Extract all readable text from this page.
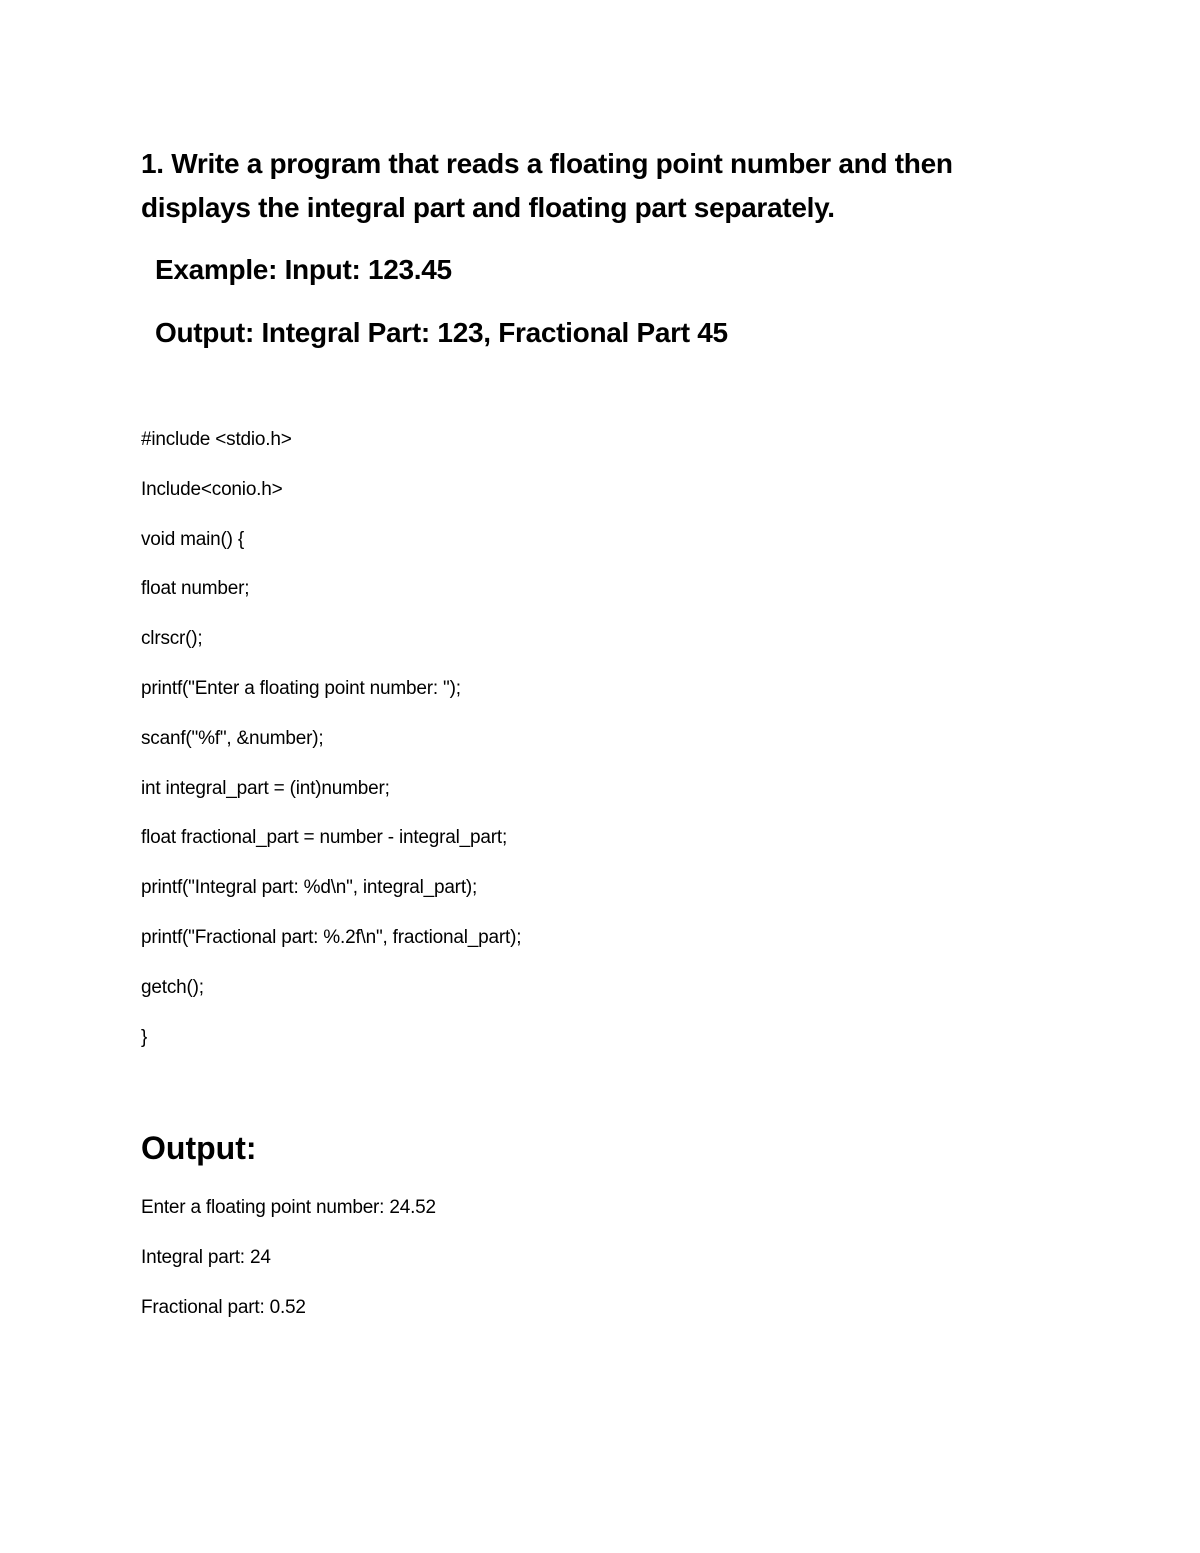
1. Write a program that reads a floating point number and then displays the integral part and floating part separately.
Example: Input: 123.45
Output: Integral Part: 123, Fractional Part 45
#include <stdio.h>
Include<conio.h>
void main() {
float number;
clrscr();
printf("Enter a floating point number: ");
scanf("%f", &number);
int integral_part = (int)number;
float fractional_part = number - integral_part;
printf("Integral part: %d\n", integral_part);
printf("Fractional part: %.2f\n", fractional_part);
getch();
}
Output:
Enter a floating point number: 24.52
Integral part: 24
Fractional part: 0.52
